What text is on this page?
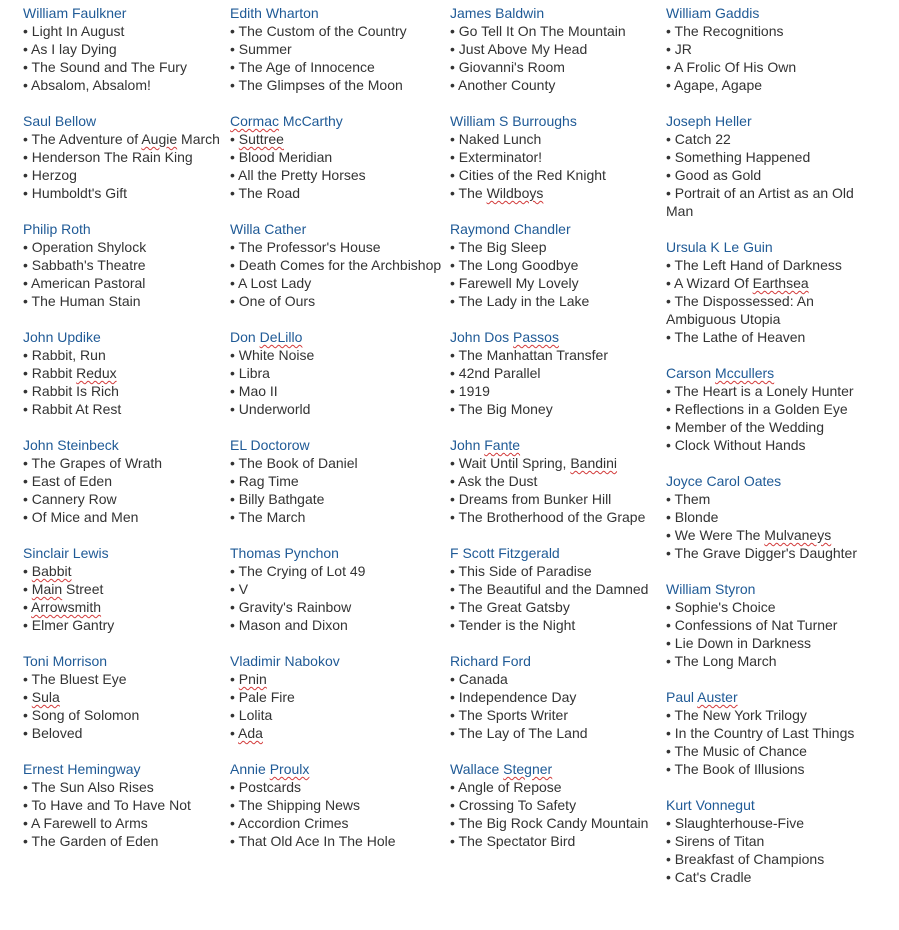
William Faulkner
• Light In August
• As I lay Dying
• The Sound and The Fury
• Absalom, Absalom!
Saul Bellow
• The Adventure of Augie March
• Henderson The Rain King
• Herzog
• Humboldt's Gift
Philip Roth
• Operation Shylock
• Sabbath's Theatre
• American Pastoral
• The Human Stain
John Updike
• Rabbit, Run
• Rabbit Redux
• Rabbit Is Rich
• Rabbit At Rest
John Steinbeck
• The Grapes of Wrath
• East of Eden
• Cannery Row
• Of Mice and Men
Sinclair Lewis
• Babbit
• Main Street
• Arrowsmith
• Elmer Gantry
Toni Morrison
• The Bluest Eye
• Sula
• Song of Solomon
• Beloved
Ernest Hemingway
• The Sun Also Rises
• To Have and To Have Not
• A Farewell to Arms
• The Garden of Eden
Edith Wharton
• The Custom of the Country
• Summer
• The Age of Innocence
• The Glimpses of the Moon
Cormac McCarthy
• Suttree
• Blood Meridian
• All the Pretty Horses
• The Road
Willa Cather
• The Professor's House
• Death Comes for the Archbishop
• A Lost Lady
• One of Ours
Don DeLillo
• White Noise
• Libra
• Mao II
• Underworld
EL Doctorow
• The Book of Daniel
• Rag Time
• Billy Bathgate
• The March
Thomas Pynchon
• The Crying of Lot 49
• V
• Gravity's Rainbow
• Mason and Dixon
Vladimir Nabokov
• Pnin
• Pale Fire
• Lolita
• Ada
Annie Proulx
• Postcards
• The Shipping News
• Accordion Crimes
• That Old Ace In The Hole
James Baldwin
• Go Tell It On The Mountain
• Just Above My Head
• Giovanni's Room
• Another County
William S Burroughs
• Naked Lunch
• Exterminator!
• Cities of the Red Knight
• The Wildboys
Raymond Chandler
• The Big Sleep
• The Long Goodbye
• Farewell My Lovely
• The Lady in the Lake
John Dos Passos
• The Manhattan Transfer
• 42nd Parallel
• 1919
• The Big Money
John Fante
• Wait Until Spring, Bandini
• Ask the Dust
• Dreams from Bunker Hill
• The Brotherhood of the Grape
F Scott Fitzgerald
• This Side of Paradise
• The Beautiful and the Damned
• The Great Gatsby
• Tender is the Night
Richard Ford
• Canada
• Independence Day
• The Sports Writer
• The Lay of The Land
Wallace Stegner
• Angle of Repose
• Crossing To Safety
• The Big Rock Candy Mountain
• The Spectator Bird
William Gaddis
• The Recognitions
• JR
• A Frolic Of His Own
• Agape, Agape
Joseph Heller
• Catch 22
• Something Happened
• Good as Gold
• Portrait of an Artist as an Old Man
Ursula K Le Guin
• The Left Hand of Darkness
• A Wizard Of Earthsea
• The Dispossessed: An Ambiguous Utopia
• The Lathe of Heaven
Carson Mccullers
• The Heart is a Lonely Hunter
• Reflections in a Golden Eye
• Member of the Wedding
• Clock Without Hands
Joyce Carol Oates
• Them
• Blonde
• We Were The Mulvaneys
• The Grave Digger's Daughter
William Styron
• Sophie's Choice
• Confessions of Nat Turner
• Lie Down in Darkness
• The Long March
Paul Auster
• The New York Trilogy
• In the Country of Last Things
• The Music of Chance
• The Book of Illusions
Kurt Vonnegut
• Slaughterhouse-Five
• Sirens of Titan
• Breakfast of Champions
• Cat's Cradle
